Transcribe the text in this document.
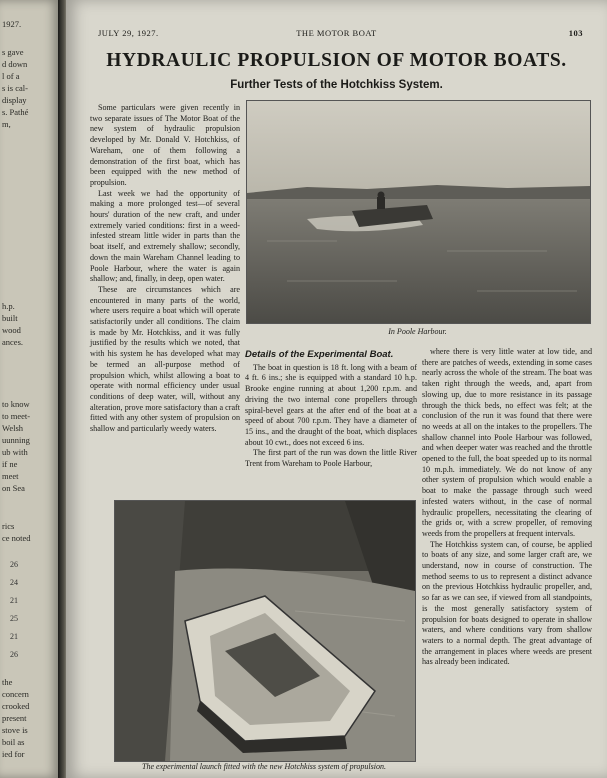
1927.
s gave
d down
l of a
s is cal-
display
s. Pathé
m,
h.p.
built
wood
ances.
to know
to meet-
Welsh
uunning
ub with
if ne
meet
on Sea
rics
ce noted
the
concern
crooked
present
stove is
boil as
ied for
26
24
21
25
21
26
JULY 29, 1927.	THE MOTOR BOAT	103
HYDRAULIC PROPULSION OF MOTOR BOATS.
Further Tests of the Hotchkiss System.

Some particulars were given recently in two separate issues of The Motor Boat of the new system of hydraulic propulsion developed by Mr. Donald V. Hotchkiss, of Wareham, one of them following a demonstration of the first boat, which has been equipped with the new method of propulsion.

Last week we had the opportunity of making a more prolonged test—of several hours' duration of the new craft, and under extremely varied conditions: first in a weed-infested stream little wider in parts than the boat itself, and extremely shallow; secondly, down the main Wareham Channel leading to Poole Harbour, where the water is again shallow; and, finally, in deep, open water.

These are circumstances which are encountered in many parts of the world, where users require a boat which will operate satisfactorily under all conditions. The claim is made by Mr. Hotchkiss, and it was fully justified by the results which we noted, that with his system he has developed what may be termed an all-purpose method of propulsion which, whilst allowing a boat to operate with normal efficiency under usual conditions of deep water, will, without any alteration, prove more satisfactory than a craft fitted with any other system of propulsion on shallow and particularly weedy waters.

In Poole Harbour.
Details of the Experimental Boat.

The boat in question is 18 ft. long with a beam of 4 ft. 6 ins.; she is equipped with a standard 10 h.p. Brooke engine running at about 1,200 r.p.m. and driving the two internal cone propellers through spiral-bevel gears at the after end of the boat at a speed of about 700 r.p.m. They have a diameter of 15 ins., and the draught of the boat, which displaces about 10 cwt., does not exceed 6 ins.

The first part of the run was down the little River Trent from Wareham to Poole Harbour,

where there is very little water at low tide, and there are patches of weeds, extending in some cases nearly across the whole of the stream. The boat was taken right through the weeds, and, apart from slowing up, due to more resistance in its passage through the thick beds, no effect was felt; at the conclusion of the run it was found that there were no weeds at all on the intakes to the propellers. The shallow channel into Poole Harbour was followed, and when deeper water was reached and the throttle opened to the full, the boat speeded up to its normal 10 m.p.h. immediately. We do not know of any other system of propulsion which would enable a boat to make the passage through such weed infested waters without, in the case of normal hydraulic propellers, necessitating the clearing of the grids or, with a screw propeller, of removing weeds from the propellers at frequent intervals.

The Hotchkiss system can, of course, be applied to boats of any size, and some larger craft are, we understand, now in course of construction. The method seems to us to represent a distinct advance on the previous Hotchkiss hydraulic propeller, and, so far as we can see, if viewed from all standpoints, is the most generally satisfactory system of propulsion for boats designed to operate in shallow waters, and where conditions vary from shallow waters to a normal depth. The great advantage of the arrangement in places where weeds are present has already been indicated.

The experimental launch fitted with the new Hotchkiss system of propulsion.
